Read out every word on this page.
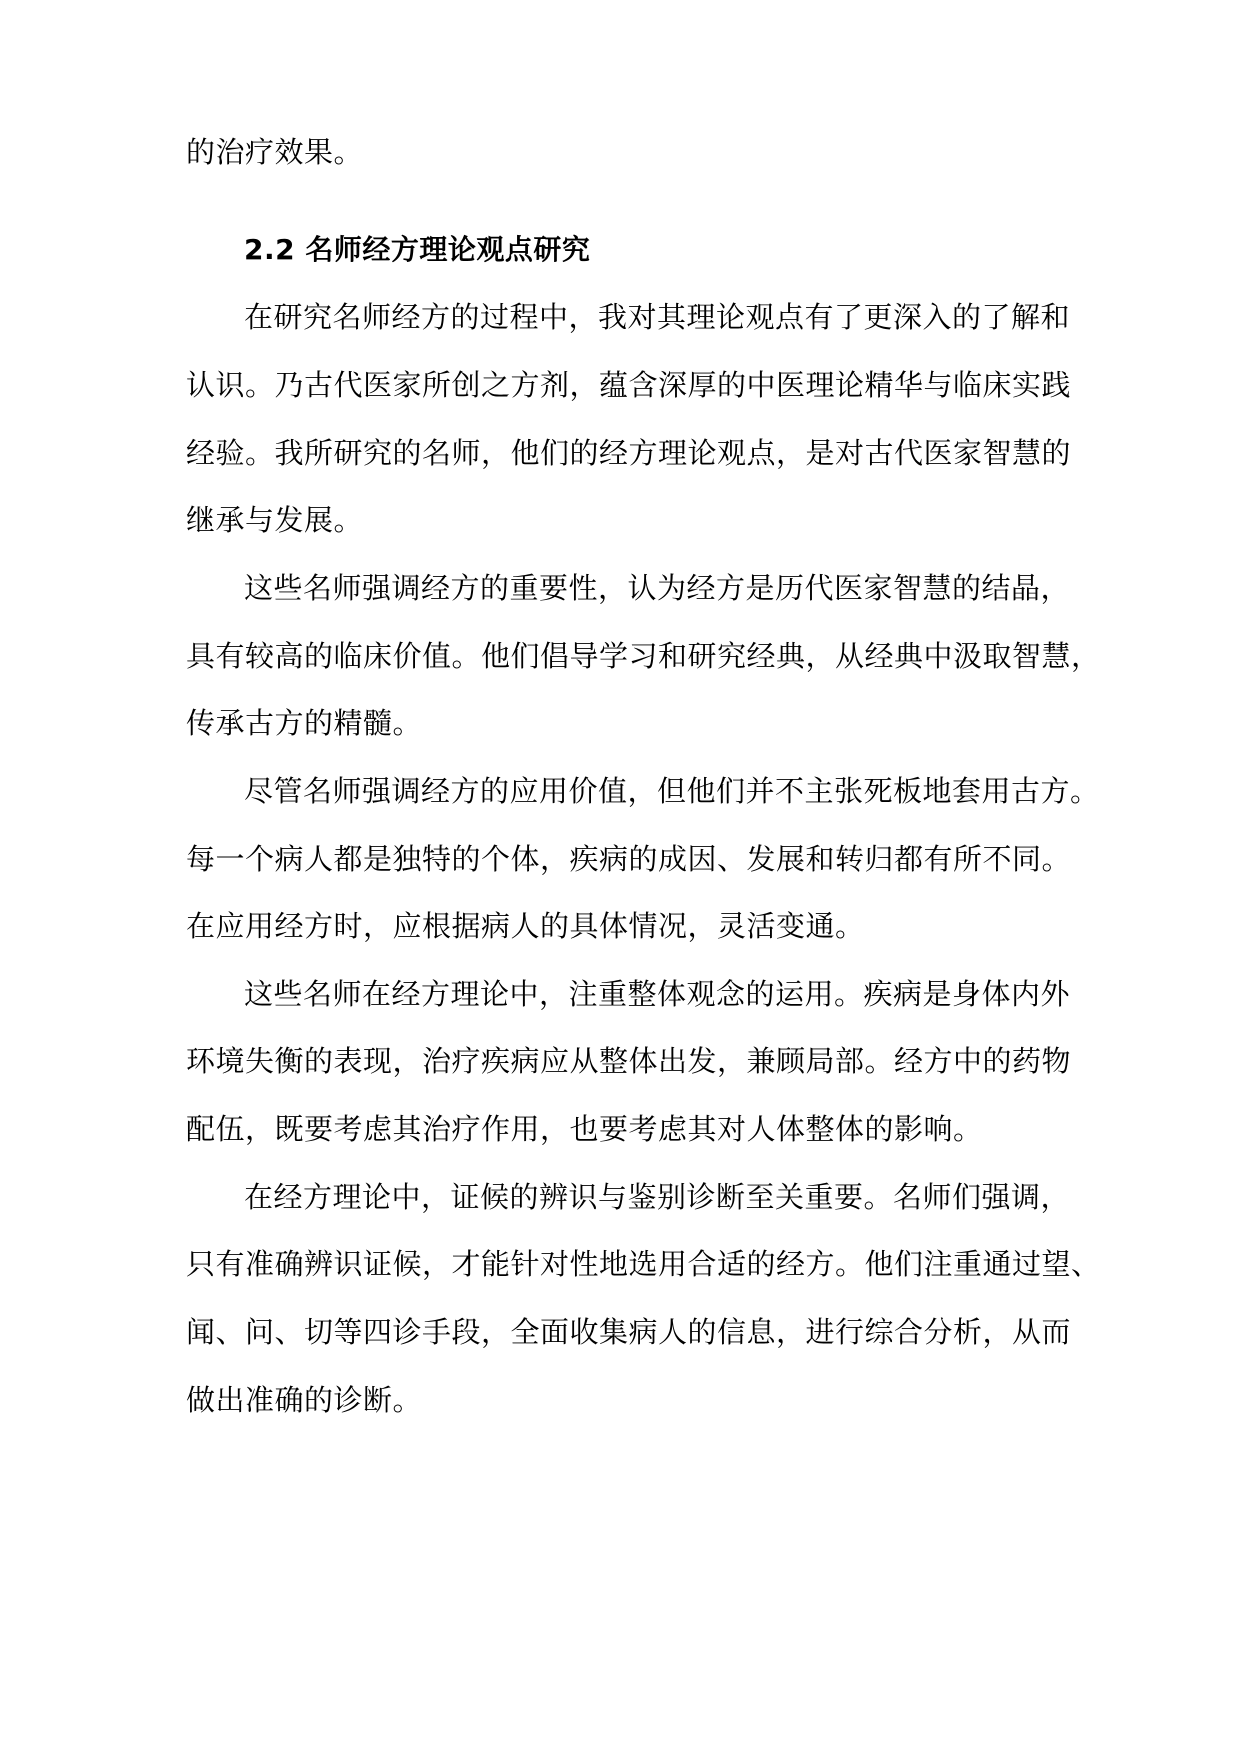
的治疗效果。
2.2 名师经方理论观点研究
在研究名师经方的过程中，我对其理论观点有了更深入的了解和
认识。乃古代医家所创之方剂，蕴含深厚的中医理论精华与临床实践
经验。我所研究的名师，他们的经方理论观点，是对古代医家智慧的
继承与发展。
这些名师强调经方的重要性，认为经方是历代医家智慧的结晶，
具有较高的临床价值。他们倡导学习和研究经典，从经典中汲取智慧，
传承古方的精髓。
尽管名师强调经方的应用价值，但他们并不主张死板地套用古方。
每一个病人都是独特的个体，疾病的成因、发展和转归都有所不同。
在应用经方时，应根据病人的具体情况，灵活变通。
这些名师在经方理论中，注重整体观念的运用。疾病是身体内外
环境失衡的表现，治疗疾病应从整体出发，兼顾局部。经方中的药物
配伍，既要考虑其治疗作用，也要考虑其对人体整体的影响。
在经方理论中，证候的辨识与鉴别诊断至关重要。名师们强调，
只有准确辨识证候，才能针对性地选用合适的经方。他们注重通过望、
闻、问、切等四诊手段，全面收集病人的信息，进行综合分析，从而
做出准确的诊断。
